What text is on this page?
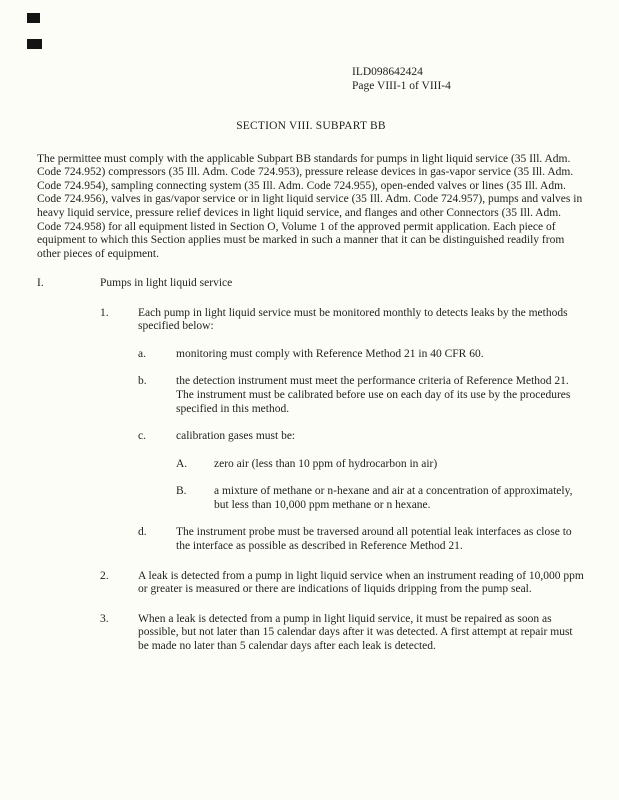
ILD098642424
Page VIII-1 of VIII-4
SECTION VIII. SUBPART BB

The permittee must comply with the applicable Subpart BB standards for pumps in light liquid service (35 Ill. Adm. Code 724.952) compressors (35 Ill. Adm. Code 724.953), pressure release devices in gas-vapor service (35 Ill. Adm. Code 724.954), sampling connecting system (35 Ill. Adm. Code 724.955), open-ended valves or lines (35 Ill. Adm. Code 724.956), valves in gas/vapor service or in light liquid service (35 Ill. Adm. Code 724.957), pumps and valves in heavy liquid service, pressure relief devices in light liquid service, and flanges and other Connectors (35 Ill. Adm. Code 724.958) for all equipment listed in Section O, Volume 1 of the approved permit application. Each piece of equipment to which this Section applies must be marked in such a manner that it can be distinguished readily from other pieces of equipment.

I.	Pumps in light liquid service
1.	Each pump in light liquid service must be monitored monthly to detects leaks by the methods specified below:
a.	monitoring must comply with Reference Method 21 in 40 CFR 60.
b.	the detection instrument must meet the performance criteria of Reference Method 21. The instrument must be calibrated before use on each day of its use by the procedures specified in this method.
c.	calibration gases must be:
A.	zero air (less than 10 ppm of hydrocarbon in air)
B.	a mixture of methane or n-hexane and air at a concentration of approximately, but less than 10,000 ppm methane or n hexane.
d.	The instrument probe must be traversed around all potential leak interfaces as close to the interface as possible as described in Reference Method 21.
2.	A leak is detected from a pump in light liquid service when an instrument reading of 10,000 ppm or greater is measured or there are indications of liquids dripping from the pump seal.
3.	When a leak is detected from a pump in light liquid service, it must be repaired as soon as possible, but not later than 15 calendar days after it was detected. A first attempt at repair must be made no later than 5 calendar days after each leak is detected.
